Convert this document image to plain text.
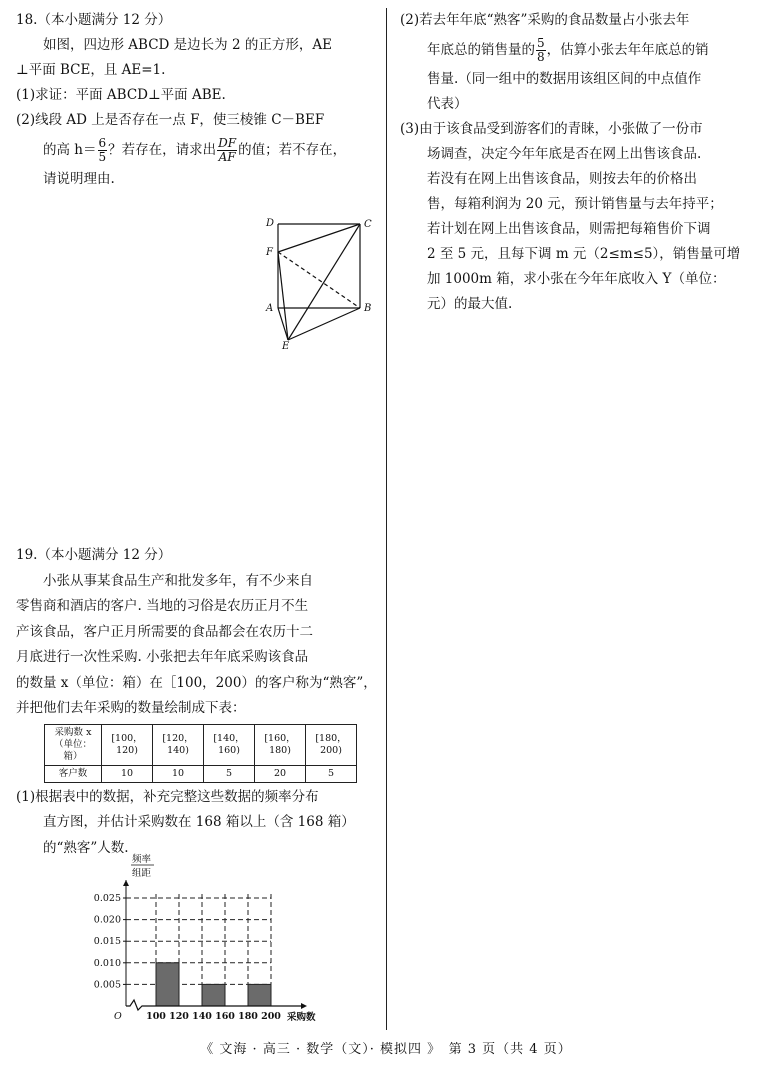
18.（本小题满分 12 分）

如图，四边形 ABCD 是边长为 2 的正方形，AE

⊥平面 BCE，且 AE=1.

(1)求证：平面 ABCD⊥平面 ABE.

(2)线段 AD 上是否存在一点 F，使三棱锥 C－BEF

的高 $h= \frac{6}{5}$ ？若存在，请求出 $\frac{DF}{AF}$ 的值；若不存在，

请说明理由.

D	C
F
A	B
E

19.（本小题满分 12 分）

小张从事某食品生产和批发多年，有不少来自

零售商和酒店的客户. 当地的习俗是农历正月不生

产该食品，客户正月所需要的食品都会在农历十二

月底进行一次性采购. 小张把去年年底采购该食品

的数量 x（单位：箱）在［100，200）的客户称为“熟客”，

并把他们去年采购的数量绘制成下表：

采购数 x
（单位：箱）	[100，120)	[120，140)	[140，160)	[160，180)	[180，200)
客户数	10	10	5	20	5

(1)根据表中的数据，补充完整这些数据的频率分布

直方图，并估计采购数在 168 箱以上（含 168 箱）

的“熟客”人数.

0.005
0.010
0.015
0.020
0.025
100 120 140 160 180 200
O	采购数
频率
组距

(2)若去年年底“熟客”采购的食品数量占小张去年

年底总的销售量的 $\frac{5}{8}$ ，估算小张去年年底总的销

售量.（同一组中的数据用该组区间的中点值作

代表）

(3)由于该食品受到游客们的青睐，小张做了一份市

场调查，决定今年年底是否在网上出售该食品.

若没有在网上出售该食品，则按去年的价格出

售，每箱利润为 20 元，预计销售量与去年持平；

若计划在网上出售该食品，则需把每箱售价下调

2 至 5 元，且每下调 m 元（2≤m≤5），销售量可增

加 1000m 箱，求小张在今年年底收入 Y（单位：

元）的最大值.

《 文海 · 高三 · 数学（文）· 模拟四 》　第 3 页（共 4 页）
